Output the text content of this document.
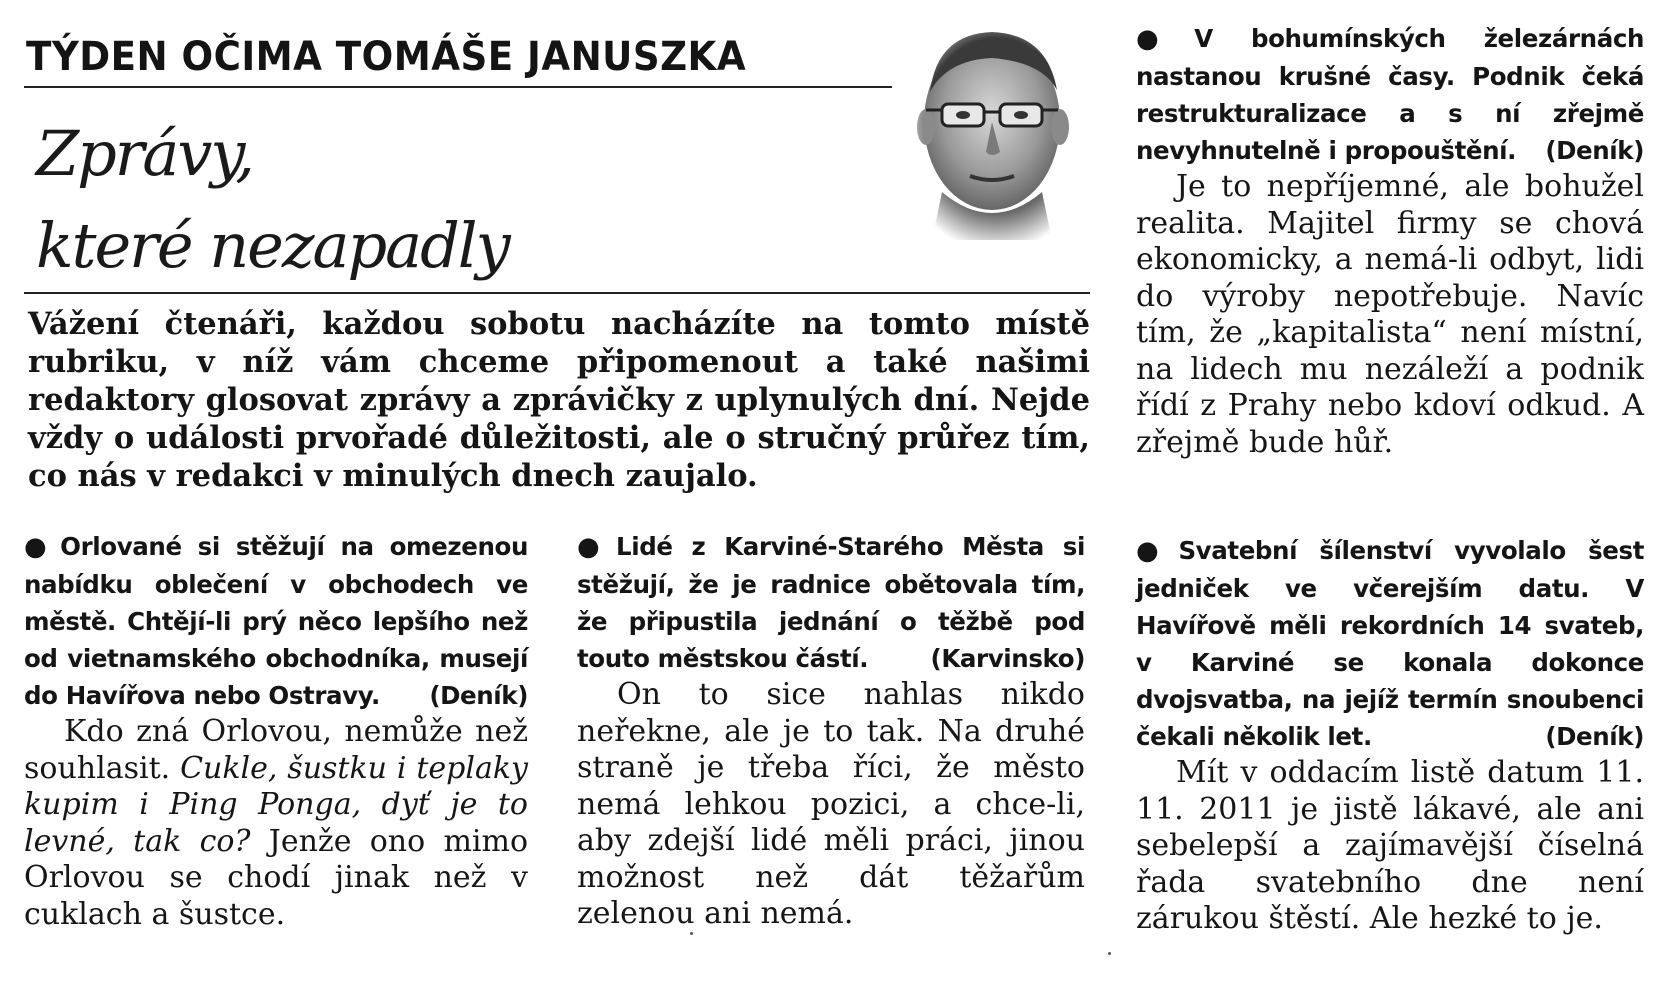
TÝDEN OČIMA TOMÁŠE JANUSZKA
Zprávy,
které nezapadly
Vážení čtenáři, každou sobotu nacházíte na tomto místě rubriku, v níž vám chceme připomenout a také našimi redaktory glosovat zprávy a zprávičky z uplynulých dní. Nejde vždy o události prvořadé důležitosti, ale o stručný průřez tím, co nás v redakci v minulých dnech zaujalo.
● Orlované si stěžují na omezenou nabídku oblečení v obchodech ve městě. Chtějí-li prý něco lepšího než od vietnamského obchodníka, musejí do Havířova nebo Ostravy. (Deník)
Kdo zná Orlovou, nemůže než souhlasit. Cukle, šustku i teplaky kupim i Ping Ponga, dyť je to levné, tak co? Jenže ono mimo Orlovou se chodí jinak než v cuklach a šustce.
● Lidé z Karviné-Starého Města si stěžují, že je radnice obětovala tím, že připustila jednání o těžbě pod touto městskou částí.	(Karvinsko)
On to sice nahlas nikdo neřekne, ale je to tak. Na druhé straně je třeba říci, že město nemá lehkou pozici, a chce-li, aby zdejší lidé měli práci, jinou možnost než dát těžařům zelenou ani nemá.
● V bohumínských železárnách nastanou krušné časy. Podnik čeká restrukturalizace a s ní zřejmě nevyhnutelně i propouštění. (Deník)
Je to nepříjemné, ale bohužel realita. Majitel firmy se chová ekonomicky, a nemá-li odbyt, lidi do výroby nepotřebuje. Navíc tím, že „kapitalista“ není místní, na lidech mu nezáleží a podnik řídí z Prahy nebo kdoví odkud. A zřejmě bude hůř.
● Svatební šílenství vyvolalo šest jedniček ve včerejším datu. V Havířově měli rekordních 14 svateb, v Karviné se konala dokonce dvojsvatba, na jejíž termín snoubenci čekali několik let.	(Deník)
Mít v oddacím listě datum 11. 11. 2011 je jistě lákavé, ale ani sebelepší a zajímavější číselná řada svatebního dne není zárukou štěstí. Ale hezké to je.
